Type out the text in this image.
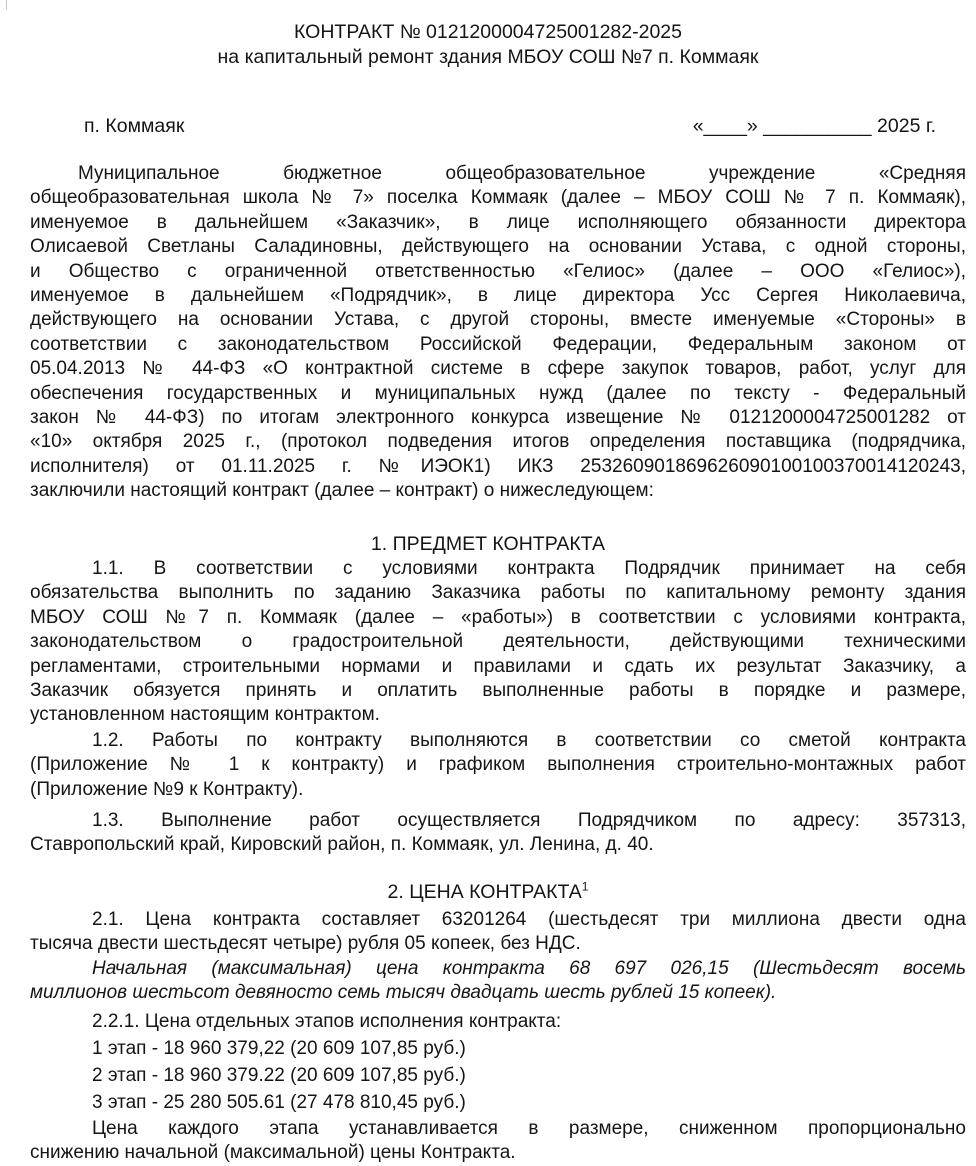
КОНТРАКТ № 0121200004725001282-2025
на капитальный ремонт здания МБОУ СОШ №7 п. Коммаяк
п. Коммаяк	«____» __________ 2025 г.
Муниципальное бюджетное общеобразовательное учреждение «Средняя
общеобразовательная школа № 7» поселка Коммаяк (далее – МБОУ СОШ № 7 п. Коммаяк),
именуемое в дальнейшем «Заказчик», в лице исполняющего обязанности директора
Олисаевой Светланы Саладиновны, действующего на основании Устава, с одной стороны,
и Общество с ограниченной ответственностью «Гелиос» (далее – ООО «Гелиос»),
именуемое в дальнейшем «Подрядчик», в лице директора Усс Сергея Николаевича,
действующего на основании Устава, с другой стороны, вместе именуемые «Стороны» в
соответствии с законодательством Российской Федерации, Федеральным законом от
05.04.2013 № 44-ФЗ «О контрактной системе в сфере закупок товаров, работ, услуг для
обеспечения государственных и муниципальных нужд (далее по тексту - Федеральный
закон № 44-ФЗ) по итогам электронного конкурса извещение № 0121200004725001282 от
«10» октября 2025 г., (протокол подведения итогов определения поставщика (подрядчика,
исполнителя) от 01.11.2025 г. №ИЭОК1) ИКЗ 253260901869626090100100370014120243,
заключили настоящий контракт (далее – контракт) о нижеследующем:
1. ПРЕДМЕТ КОНТРАКТА
1.1. В соответствии с условиями контракта Подрядчик принимает на себя
обязательства выполнить по заданию Заказчика работы по капитальному ремонту здания
МБОУ СОШ №7 п. Коммаяк (далее – «работы») в соответствии с условиями контракта,
законодательством о градостроительной деятельности, действующими техническими
регламентами, строительными нормами и правилами и сдать их результат Заказчику, а
Заказчик обязуется принять и оплатить выполненные работы в порядке и размере,
установленном настоящим контрактом.
1.2. Работы по контракту выполняются в соответствии со сметой контракта
(Приложение № 1 к контракту) и графиком выполнения строительно-монтажных работ
(Приложение №9 к Контракту).
1.3. Выполнение работ осуществляется Подрядчиком по адресу: 357313,
Ставропольский край, Кировский район, п. Коммаяк, ул. Ленина, д. 40.
2. ЦЕНА КОНТРАКТА$^1$
2.1. Цена контракта составляет 63201264 (шестьдесят три миллиона двести одна
тысяча двести шестьдесят четыре) рубля 05 копеек, без НДС.
Начальная (максимальная) цена контракта 68 697 026,15 (Шестьдесят восемь
миллионов шестьсот девяносто семь тысяч двадцать шесть рублей 15 копеек).
2.2.1. Цена отдельных этапов исполнения контракта:
1 этап - 18 960 379,22 (20 609 107,85 руб.)
2 этап - 18 960 379.22 (20 609 107,85 руб.)
3 этап - 25 280 505.61 (27 478 810,45 руб.)
Цена каждого этапа устанавливается в размере, сниженном пропорционально
снижению начальной (максимальной) цены Контракта.
